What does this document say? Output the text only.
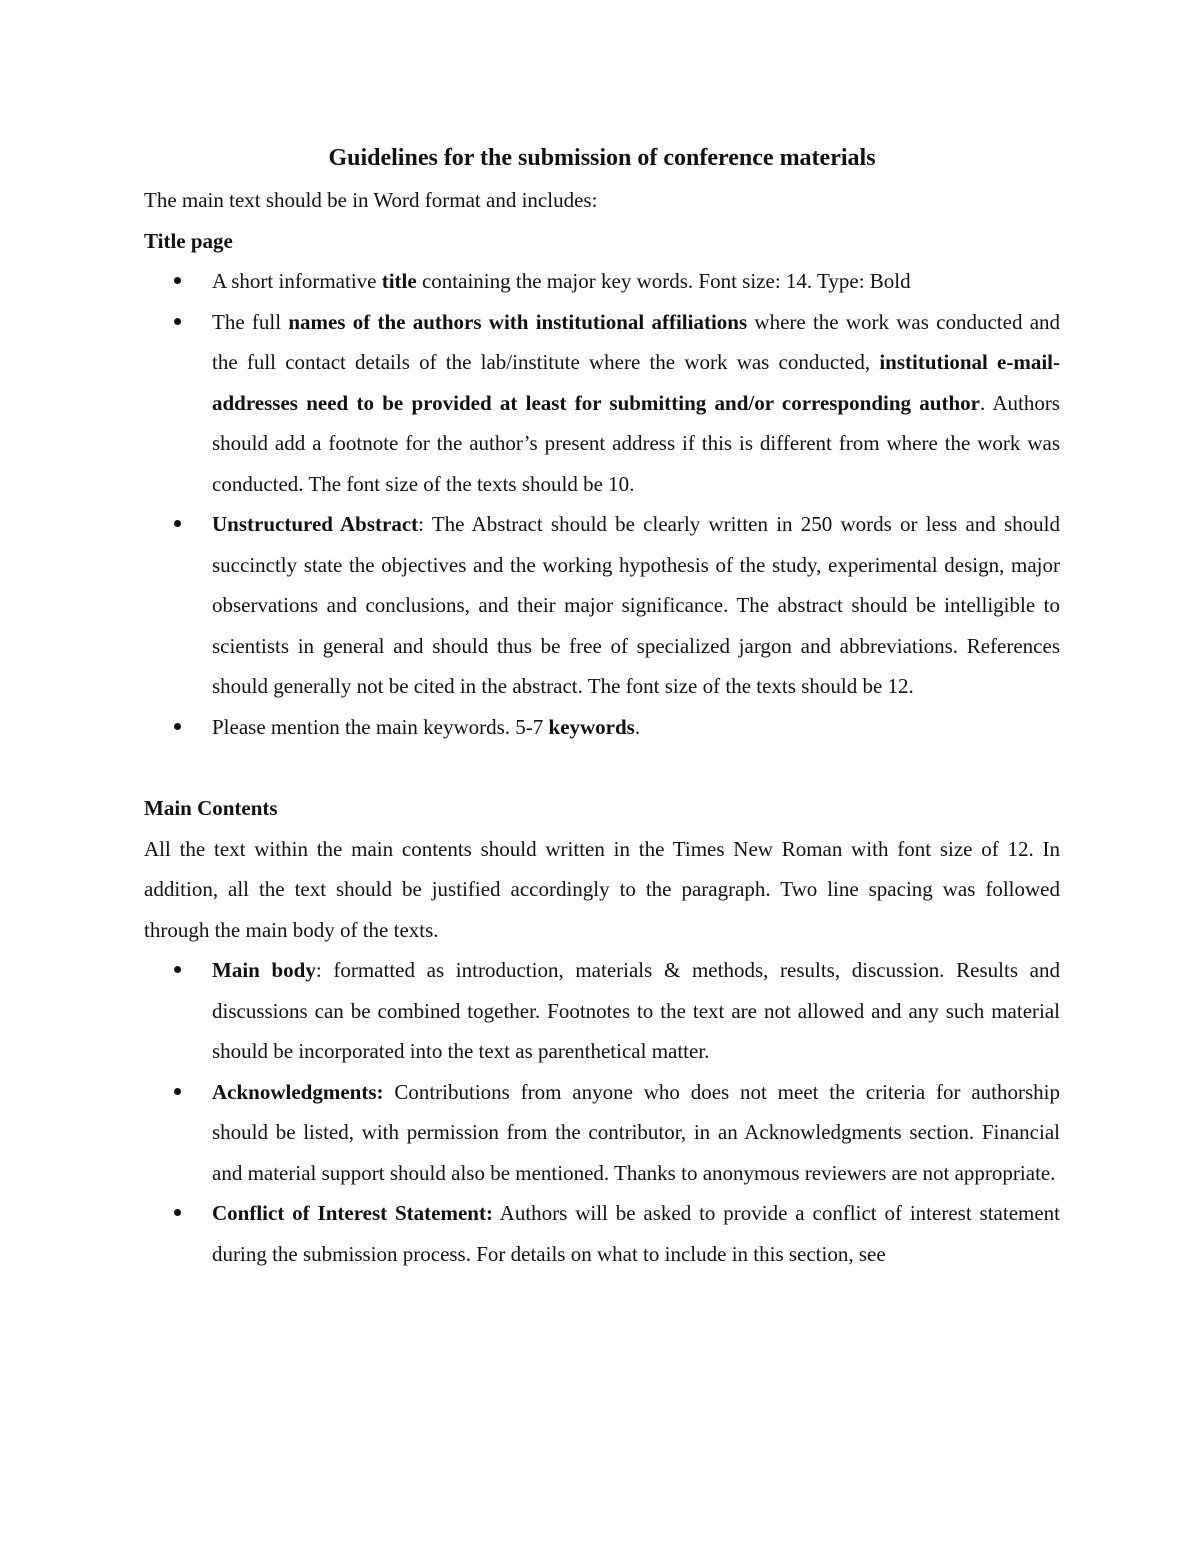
Guidelines for the submission of conference materials

The main text should be in Word format and includes:

Title page

A short informative title containing the major key words. Font size: 14. Type: Bold
The full names of the authors with institutional affiliations where the work was conducted and the full contact details of the lab/institute where the work was conducted, institutional e-mail-addresses need to be provided at least for submitting and/or corresponding author. Authors should add a footnote for the author’s present address if this is different from where the work was conducted. The font size of the texts should be 10.
Unstructured Abstract: The Abstract should be clearly written in 250 words or less and should succinctly state the objectives and the working hypothesis of the study, experimental design, major observations and conclusions, and their major significance. The abstract should be intelligible to scientists in general and should thus be free of specialized jargon and abbreviations. References should generally not be cited in the abstract. The font size of the texts should be 12.
Please mention the main keywords. 5-7 keywords.

Main Contents

All the text within the main contents should written in the Times New Roman with font size of 12. In addition, all the text should be justified accordingly to the paragraph. Two line spacing was followed through the main body of the texts.

Main body: formatted as introduction, materials & methods, results, discussion. Results and discussions can be combined together. Footnotes to the text are not allowed and any such material should be incorporated into the text as parenthetical matter.
Acknowledgments: Contributions from anyone who does not meet the criteria for authorship should be listed, with permission from the contributor, in an Acknowledgments section. Financial and material support should also be mentioned. Thanks to anonymous reviewers are not appropriate.
Conflict of Interest Statement: Authors will be asked to provide a conflict of interest statement during the submission process. For details on what to include in this section, see
